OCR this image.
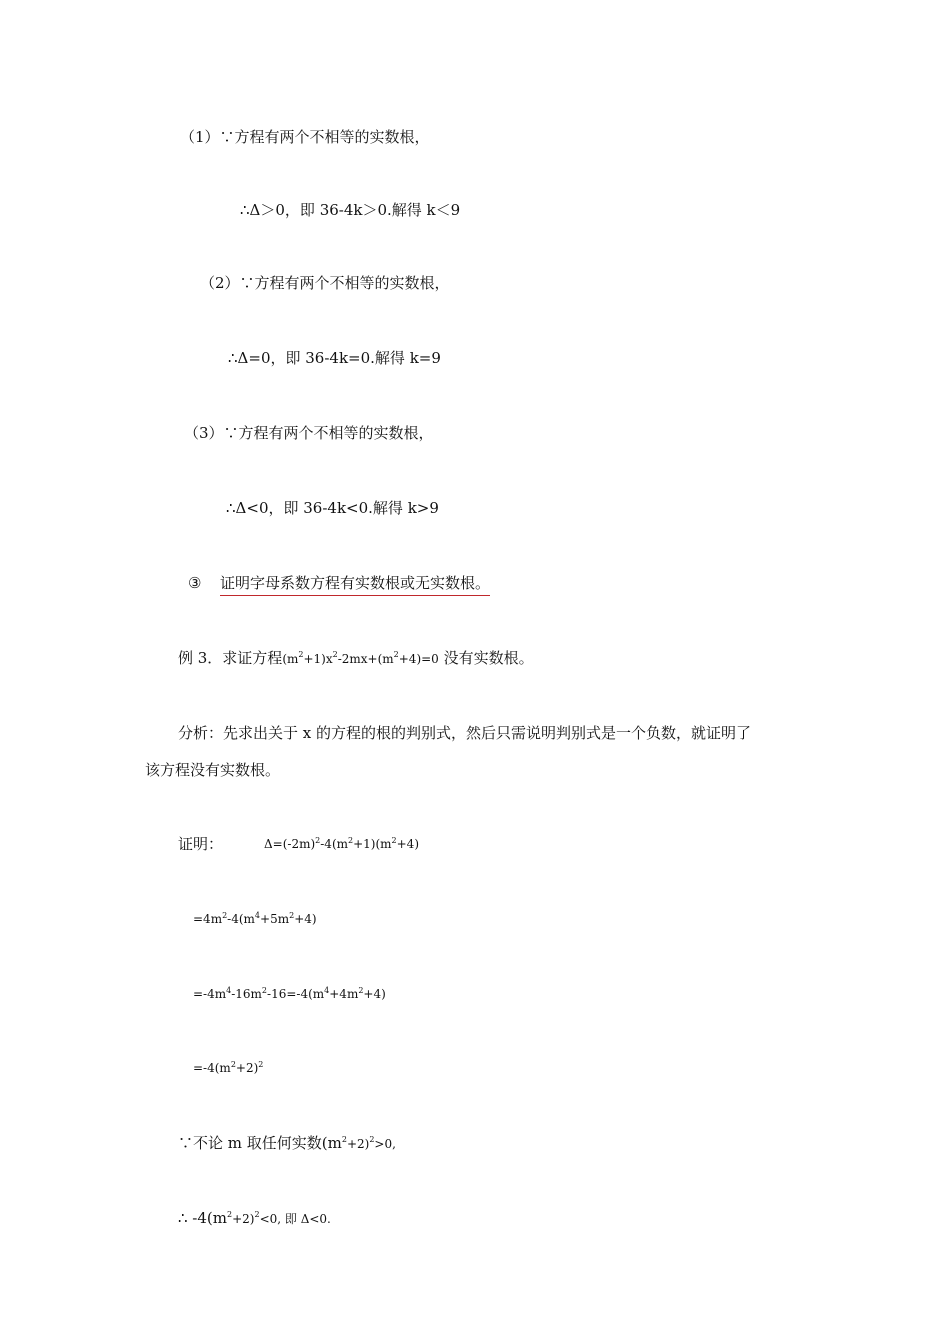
（1）∵方程有两个不相等的实数根，
∴Δ＞0，即 36-4k＞0.解得 k＜9
（2）∵方程有两个不相等的实数根，
∴Δ=0，即 36-4k=0.解得 k=9
（3）∵方程有两个不相等的实数根，
∴Δ<0，即 36-4k<0.解得 k>9
③ 证明字母系数方程有实数根或无实数根。
例 3．求证方程$(m^2+1)x^2-2mx+(m^2+4)=0$ 没有实数根。
分析：先求出关于 x 的方程的根的判别式，然后只需说明判别式是一个负数，就证明了
该方程没有实数根。
证明：	$\Delta=(-2m)^2-4(m^2+1)(m^2+4)$
$=4m^2-4(m^4+5m^2+4)$
$=-4m^4-16m^2-16=-4(m^4+4m^2+4)$
$=-4(m^2+2)^2$
∵不论 m 取任何实数$(m^2+2)^2>0$,
∴ $-4(m^2+2)^2<0$, 即 Δ<0.
